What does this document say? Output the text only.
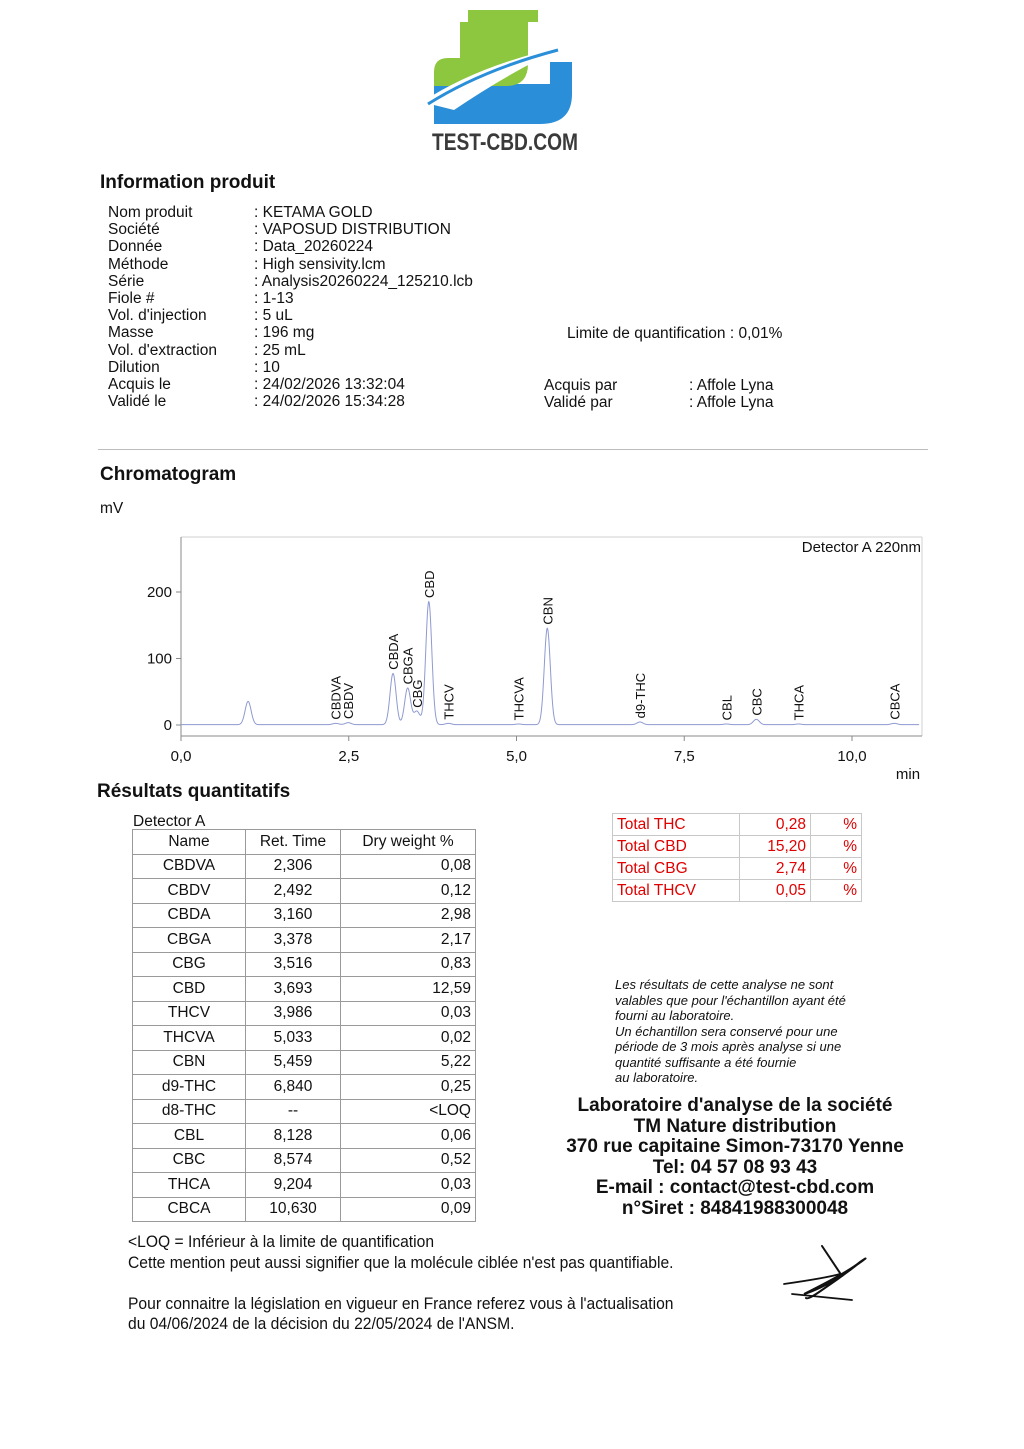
TEST-CBD.COM
Information produit
Nom produit	: KETAMA GOLD
Société	: VAPOSUD DISTRIBUTION
Donnée	: Data_20260224
Méthode	: High sensivity.lcm
Série	: Analysis20260224_125210.lcb
Fiole #	: 1-13
Vol. d'injection	: 5 uL
Masse	: 196 mg
Vol. d'extraction : 25 mL
Dilution	: 10
Acquis le	: 24/02/2026 13:32:04
Validé le	: 24/02/2026 15:34:28
Limite de quantification : 0,01%
Acquis par	: Affole Lyna
Validé par	: Affole Lyna
Chromatogram
mV
Detector A 220nm
min
0
100
200
0,0	2,5	5,0	7,5	10,0
CBDVA
CBDV
CBDA CBGA
CBG
CBD
THCV	THCVA
CBN
d9-THC	CBL CBC THCA	CBCA
Résultats quantitatifs
Detector A
Name	Ret. Time	Dry weight %
CBDVA	2,306	0,08
CBDV	2,492	0,12
CBDA	3,160	2,98
CBGA	3,378	2,17
CBG	3,516	0,83
CBD	3,693	12,59
THCV	3,986	0,03
THCVA	5,033	0,02
CBN	5,459	5,22
d9-THC	6,840	0,25
d8-THC	--	<LOQ
CBL	8,128	0,06
CBC	8,574	0,52
THCA	9,204	0,03
CBCA	10,630	0,09
Total THC	0,28	%
Total CBD	15,20	%
Total CBG	2,74	%
Total THCV	0,05	%
Les résultats de cette analyse ne sont
valables que pour l'échantillon ayant été
fourni au laboratoire.
Un échantillon sera conservé pour une
période de 3 mois après analyse si une
quantité suffisante a été fournie
au laboratoire.
Laboratoire d'analyse de la société
TM Nature distribution
370 rue capitaine Simon-73170 Yenne
Tel: 04 57 08 93 43
E-mail : contact@test-cbd.com
n°Siret : 84841988300048
<LOQ = Inférieur à la limite de quantification
Cette mention peut aussi signifier que la molécule ciblée n'est pas quantifiable.
Pour connaitre la législation en vigueur en France referez vous à l'actualisation
du 04/06/2024 de la décision du 22/05/2024 de l'ANSM.
